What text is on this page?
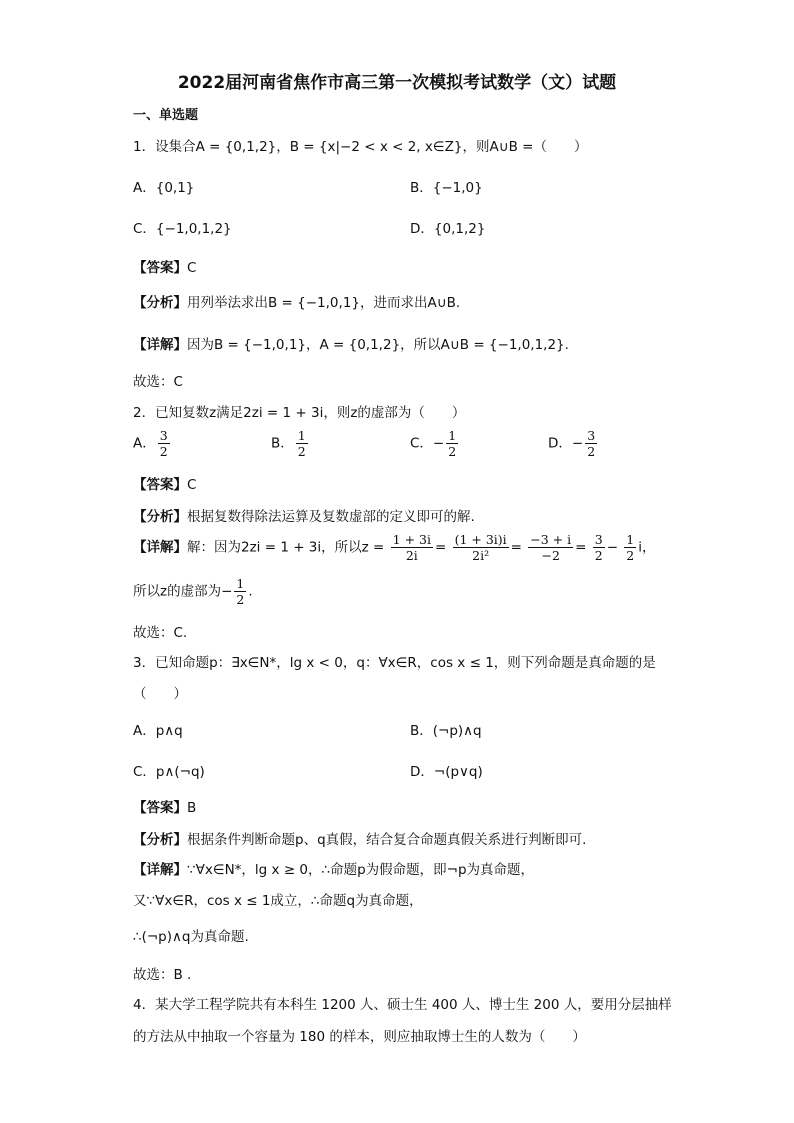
2022届河南省焦作市高三第一次模拟考试数学（文）试题
一、单选题
1．设集合A = {0,1,2}，B = {x|−2 < x < 2, x∈Z}，则A∪B =（　　）
A．{0,1}	B．{−1,0}
C．{−1,0,1,2}	D．{0,1,2}
【答案】C
【分析】用列举法求出B = {−1,0,1}，进而求出A∪B.
【详解】因为B = {−1,0,1}，A = {0,1,2}，所以A∪B = {−1,0,1,2}.
故选：C
2．已知复数z满足2zi = 1 + 3i，则z的虚部为（　　）
A． $\frac{3}{2}$	B． $\frac{1}{2}$	C．− $\frac{1}{2}$	D．− $\frac{3}{2}$
【答案】C
【分析】根据复数得除法运算及复数虚部的定义即可的解.
【详解】解：因为2zi = 1 + 3i，所以$z = \frac{1 + 3i}{2i} = \frac{(1 + 3i)i}{\text{2i²}} = \frac{-3 + i}{-2} = \frac{3}{2} - \frac{1}{2}$ i，
所以z的虚部为− $\frac{1}{2}$ .
故选：C.
3．已知命题p：∃x∈N*，lg x < 0，q：∀x∈R，cos x ≤ 1，则下列命题是真命题的是
（　　）
A．p∧q	B．(¬p)∧q
C．p∧(¬q)	D．¬(p∨q)
【答案】B
【分析】根据条件判断命题p、q真假，结合复合命题真假关系进行判断即可.
【详解】∵∀x∈N*，lg x ≥ 0，∴命题p为假命题，即¬p为真命题，
又∵∀x∈R，cos x ≤ 1成立，∴命题q为真命题，
∴(¬p)∧q为真命题.
故选：B .
4．某大学工程学院共有本科生 1200 人、硕士生 400 人、博士生 200 人，要用分层抽样
的方法从中抽取一个容量为 180 的样本，则应抽取博士生的人数为（　　）
